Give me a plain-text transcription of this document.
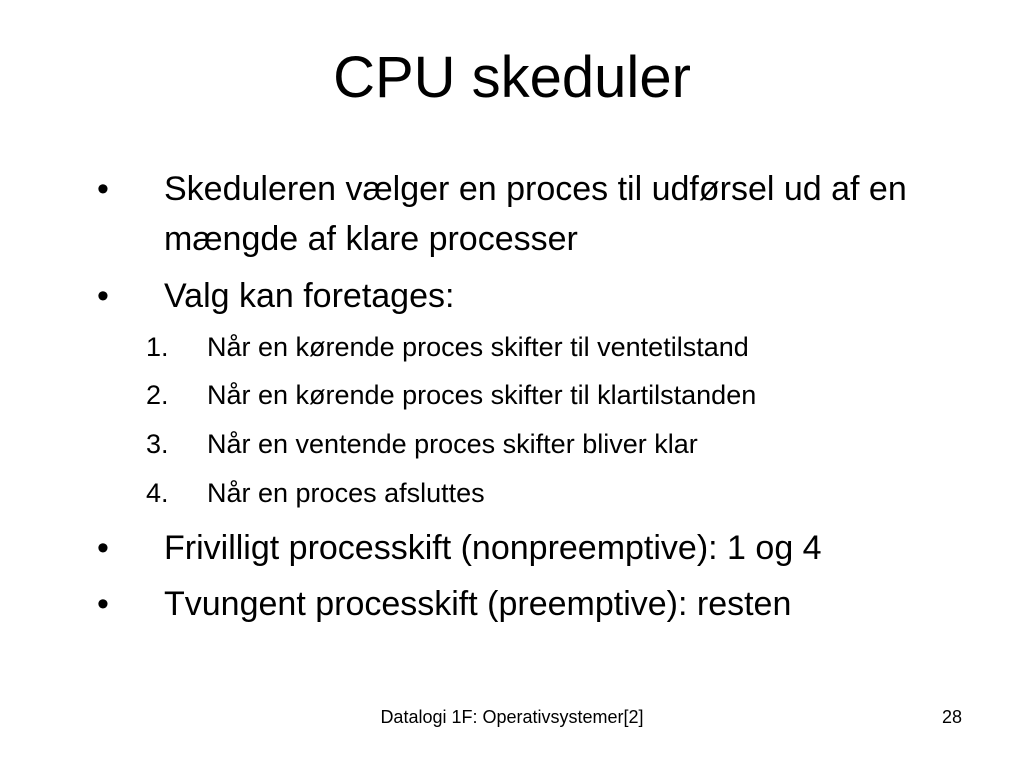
CPU skeduler
• Skeduleren vælger en proces til udførsel ud af en mængde af klare processer
• Valg kan foretages:
1. Når en kørende proces skifter til ventetilstand
2. Når en kørende proces skifter til klartilstanden
3. Når en ventende proces skifter bliver klar
4. Når en proces afsluttes
• Frivilligt processkift (nonpreemptive): 1 og 4
• Tvungent processkift (preemptive): resten
Datalogi 1F: Operativsystemer[2]	28
